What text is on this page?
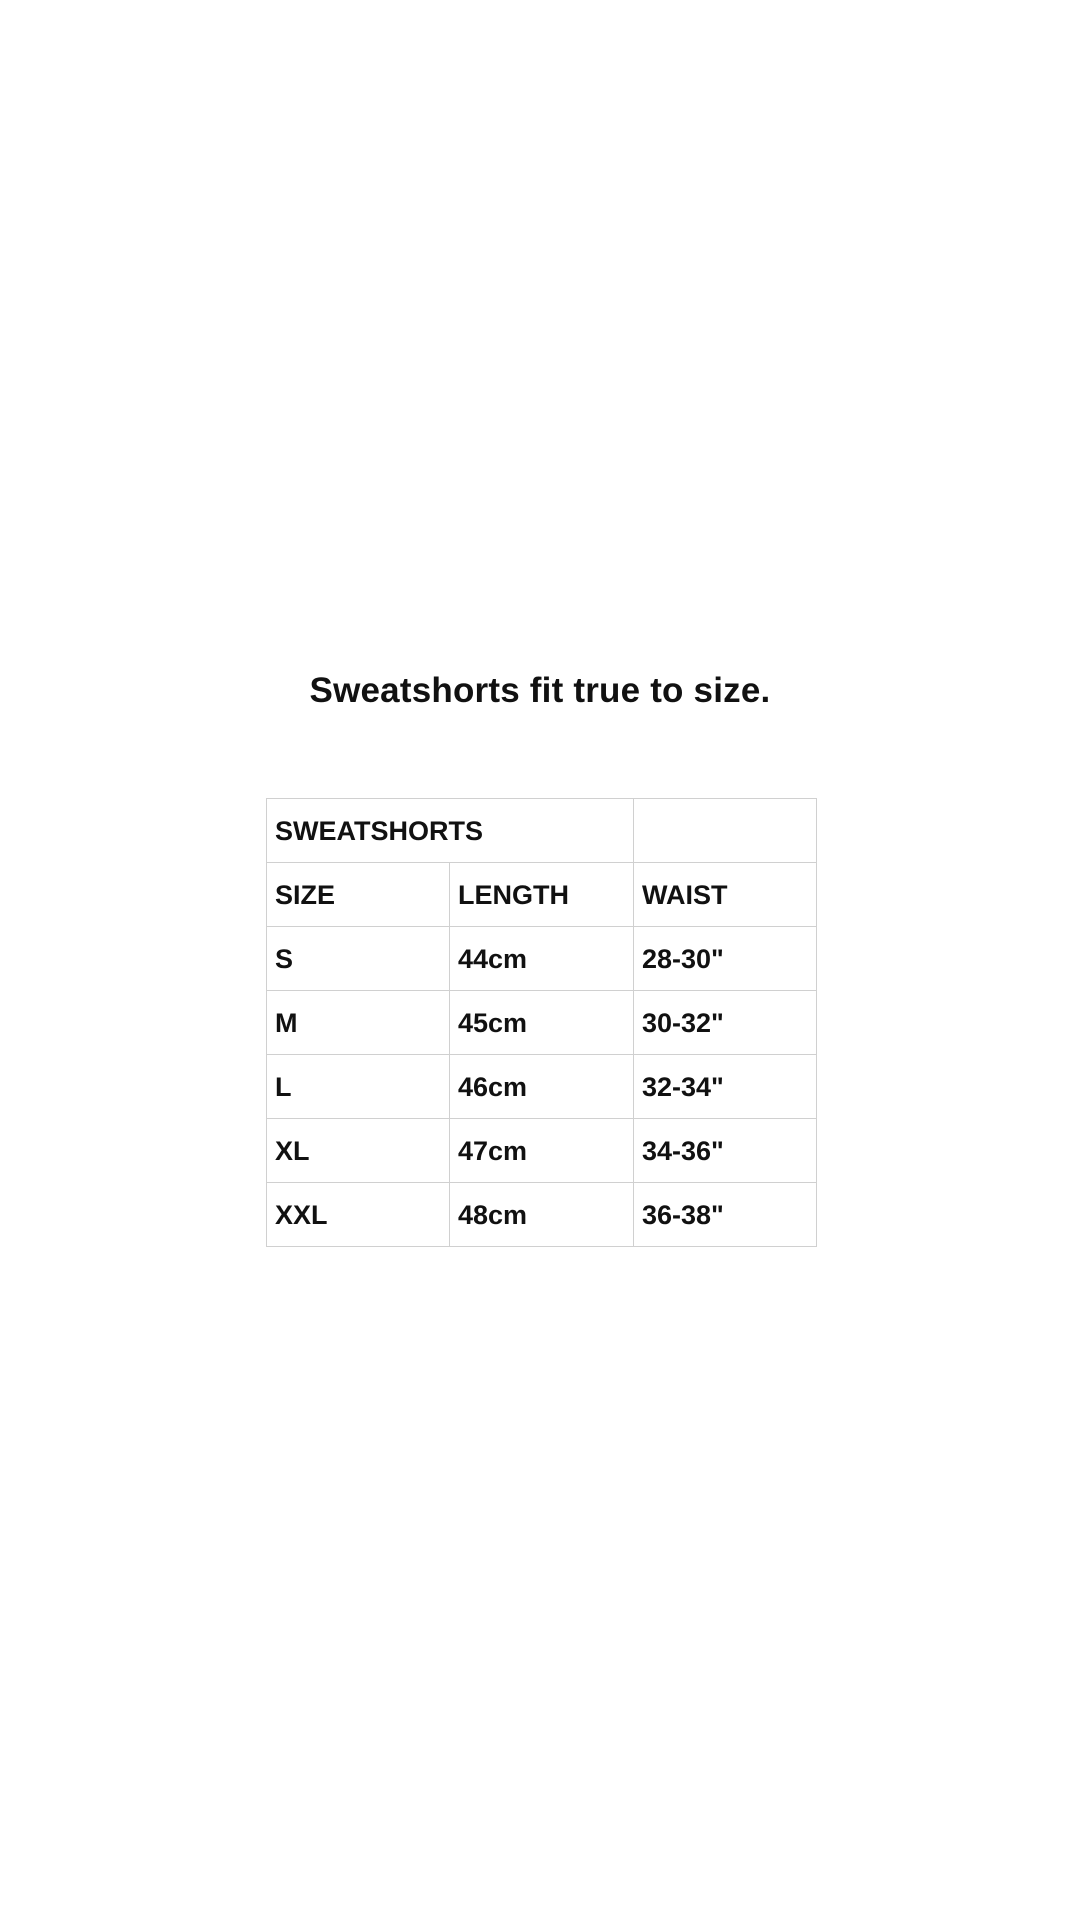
Sweatshorts fit true to size.
SWEATSHORTS		
SIZE	LENGTH	WAIST
S	44cm	28-30"
M	45cm	30-32"
L	46cm	32-34"
XL	47cm	34-36"
XXL	48cm	36-38"
